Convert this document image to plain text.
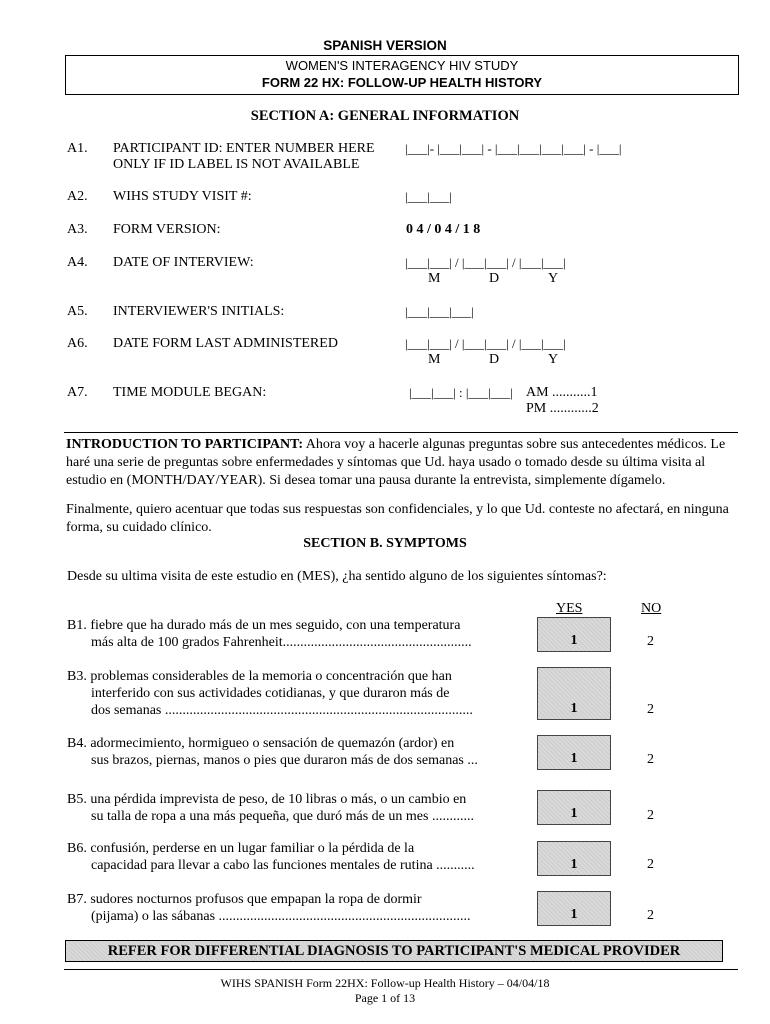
SPANISH VERSION
WOMEN'S INTERAGENCY HIV STUDY
FORM 22 HX: FOLLOW-UP HEALTH HISTORY
SECTION A: GENERAL INFORMATION
A1. PARTICIPANT ID: ENTER NUMBER HERE
ONLY IF ID LABEL IS NOT AVAILABLE
|___|- |___|___| - |___|___|___|___| - |___|
A2. WIHS STUDY VISIT #:	|___|___|
A3. FORM VERSION:	0 4 / 0 4 / 1 8
A4. DATE OF INTERVIEW:	|___|___| / |___|___| / |___|___|
M	D	Y
A5. INTERVIEWER'S INITIALS:	|___|___|___|
A6. DATE FORM LAST ADMINISTERED	|___|___| / |___|___| / |___|___|
M	D	Y
A7. TIME MODULE BEGAN:	|___|___| : |___|___| AM ...........1
PM ............2
INTRODUCTION TO PARTICIPANT: Ahora voy a hacerle algunas preguntas sobre sus antecedentes médicos. Le haré una serie de preguntas sobre enfermedades y síntomas que Ud. haya usado o tomado desde su última visita al estudio en (MONTH/DAY/YEAR). Si desea tomar una pausa durante la entrevista, simplemente dígamelo.
Finalmente, quiero acentuar que todas sus respuestas son confidenciales, y lo que Ud. conteste no afectará, en ninguna forma, su cuidado clínico.
SECTION B. SYMPTOMS
Desde su ultima visita de este estudio en (MES), ¿ha sentido alguno de los siguientes síntomas?:
YES	NO
B1. fiebre que ha durado más de un mes seguido, con una temperatura
más alta de 100 grados Fahrenheit......................................................	1	2
B3. problemas considerables de la memoria o concentración que han
interferido con sus actividades cotidianas, y que duraron más de
dos semanas ........................................................................................	1	2
B4. adormecimiento, hormigueo o sensación de quemazón (ardor) en
sus brazos, piernas, manos o pies que duraron más de dos semanas ...	1	2
B5. una pérdida imprevista de peso, de 10 libras o más, o un cambio en
su talla de ropa a una más pequeña, que duró más de un mes ............	1	2
B6. confusión, perderse en un lugar familiar o la pérdida de la
capacidad para llevar a cabo las funciones mentales de rutina ...........	1	2
B7. sudores nocturnos profusos que empapan la ropa de dormir
(pijama) o las sábanas ........................................................................	1	2
REFER FOR DIFFERENTIAL DIAGNOSIS TO PARTICIPANT'S MEDICAL PROVIDER
WIHS SPANISH Form 22HX: Follow-up Health History – 04/04/18
Page 1 of 13
